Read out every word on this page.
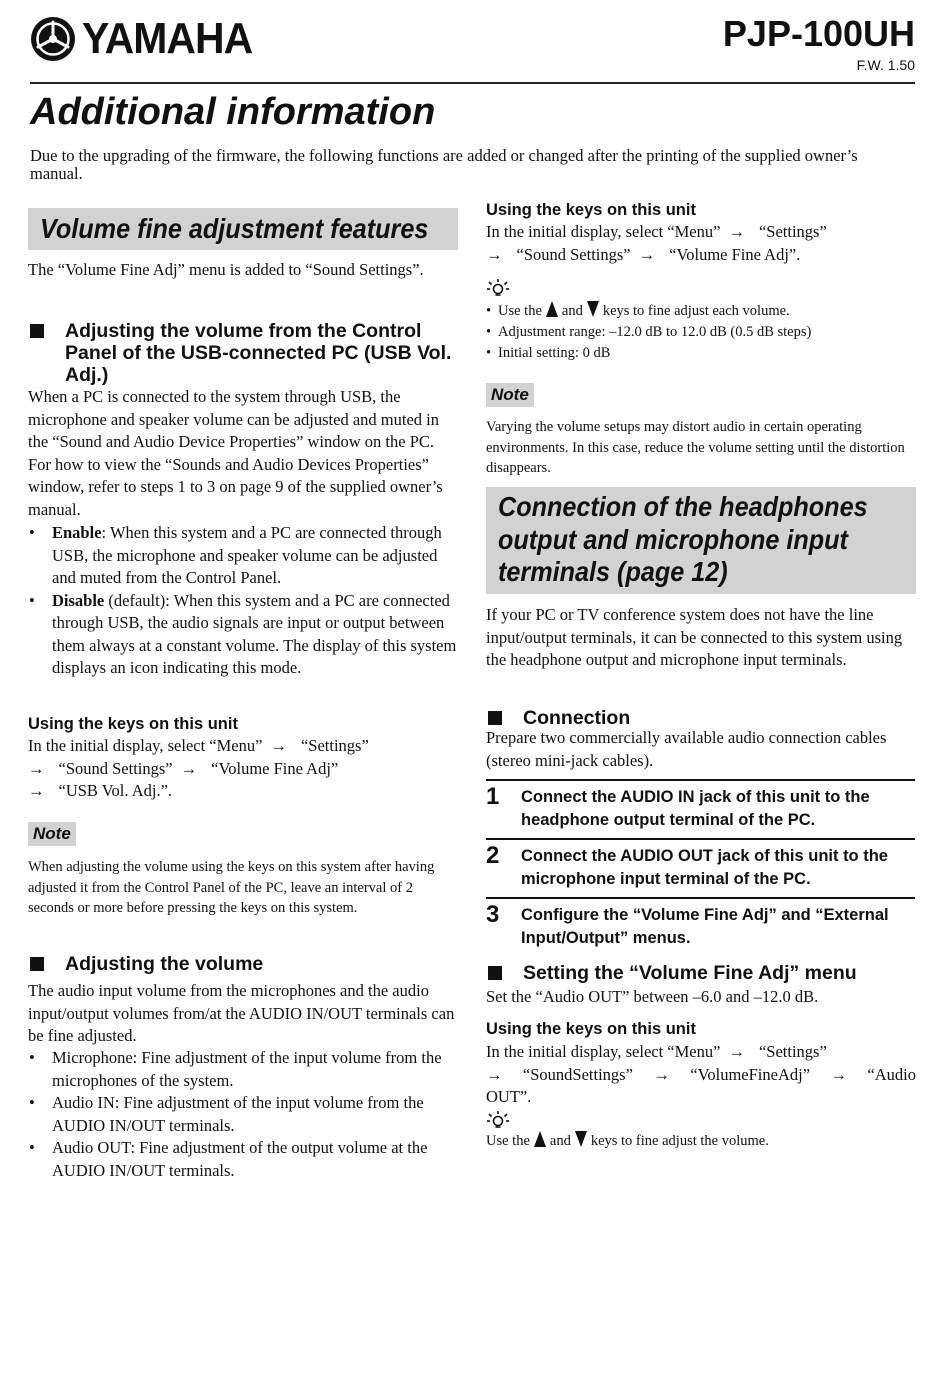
YAMAHA	PJP-100UH
F.W. 1.50
Additional information

Due to the upgrading of the firmware, the following functions are added or changed after the printing of the supplied owner’s manual.

Volume fine adjustment features

The “Volume Fine Adj” menu is added to “Sound Settings”.

Adjusting the volume from the Control Panel of the USB-connected PC (USB Vol. Adj.)

When a PC is connected to the system through USB, the microphone and speaker volume can be adjusted and muted in the “Sound and Audio Device Properties” window on the PC. For how to view the “Sounds and Audio Devices Properties” window, refer to steps 1 to 3 on page 9 of the supplied owner’s manual.

• Enable: When this system and a PC are connected through USB, the microphone and speaker volume can be adjusted and muted from the Control Panel.
• Disable (default): When this system and a PC are connected through USB, the audio signals are input or output between them always at a constant volume. The display of this system displays an icon indicating this mode.
Using the keys on this unit
In the initial display, select “Menu” → “Settings”
→ “Sound Settings” → “Volume Fine Adj”
→ “USB Vol. Adj.”.
Note

When adjusting the volume using the keys on this system after having adjusted it from the Control Panel of the PC, leave an interval of 2 seconds or more before pressing the keys on this system.

Adjusting the volume

The audio input volume from the microphones and the audio input/output volumes from/at the AUDIO IN/OUT terminals can be fine adjusted.

• Microphone: Fine adjustment of the input volume from the microphones of the system.
• Audio IN: Fine adjustment of the input volume from the AUDIO IN/OUT terminals.
• Audio OUT: Fine adjustment of the output volume at the AUDIO IN/OUT terminals.
Using the keys on this unit
In the initial display, select “Menu” → “Settings”
→ “Sound Settings” → “Volume Fine Adj”.
• Use the and keys to fine adjust each volume.
• Adjustment range: –12.0 dB to 12.0 dB (0.5 dB steps)
• Initial setting: 0 dB
Note

Varying the volume setups may distort audio in certain operating environments. In this case, reduce the volume setting until the distortion disappears.

Connection of the headphones
output and microphone input
terminals (page 12)

If your PC or TV conference system does not have the line input/output terminals, it can be connected to this system using the headphone output and microphone input terminals.

Connection

Prepare two commercially available audio connection cables (stereo mini-jack cables).

1	Connect the AUDIO IN jack of this unit to the headphone output terminal of the PC.
2	Connect the AUDIO OUT jack of this unit to the microphone input terminal of the PC.
3	Configure the “Volume Fine Adj” and “External Input/Output” menus.
Setting the “Volume Fine Adj” menu

Set the “Audio OUT” between –6.0 and –12.0 dB.

Using the keys on this unit
In the initial display, select “Menu” → “Settings”
→ “SoundSettings” → “VolumeFineAdj” → “Audio
OUT”.
Use the and keys to fine adjust the volume.
